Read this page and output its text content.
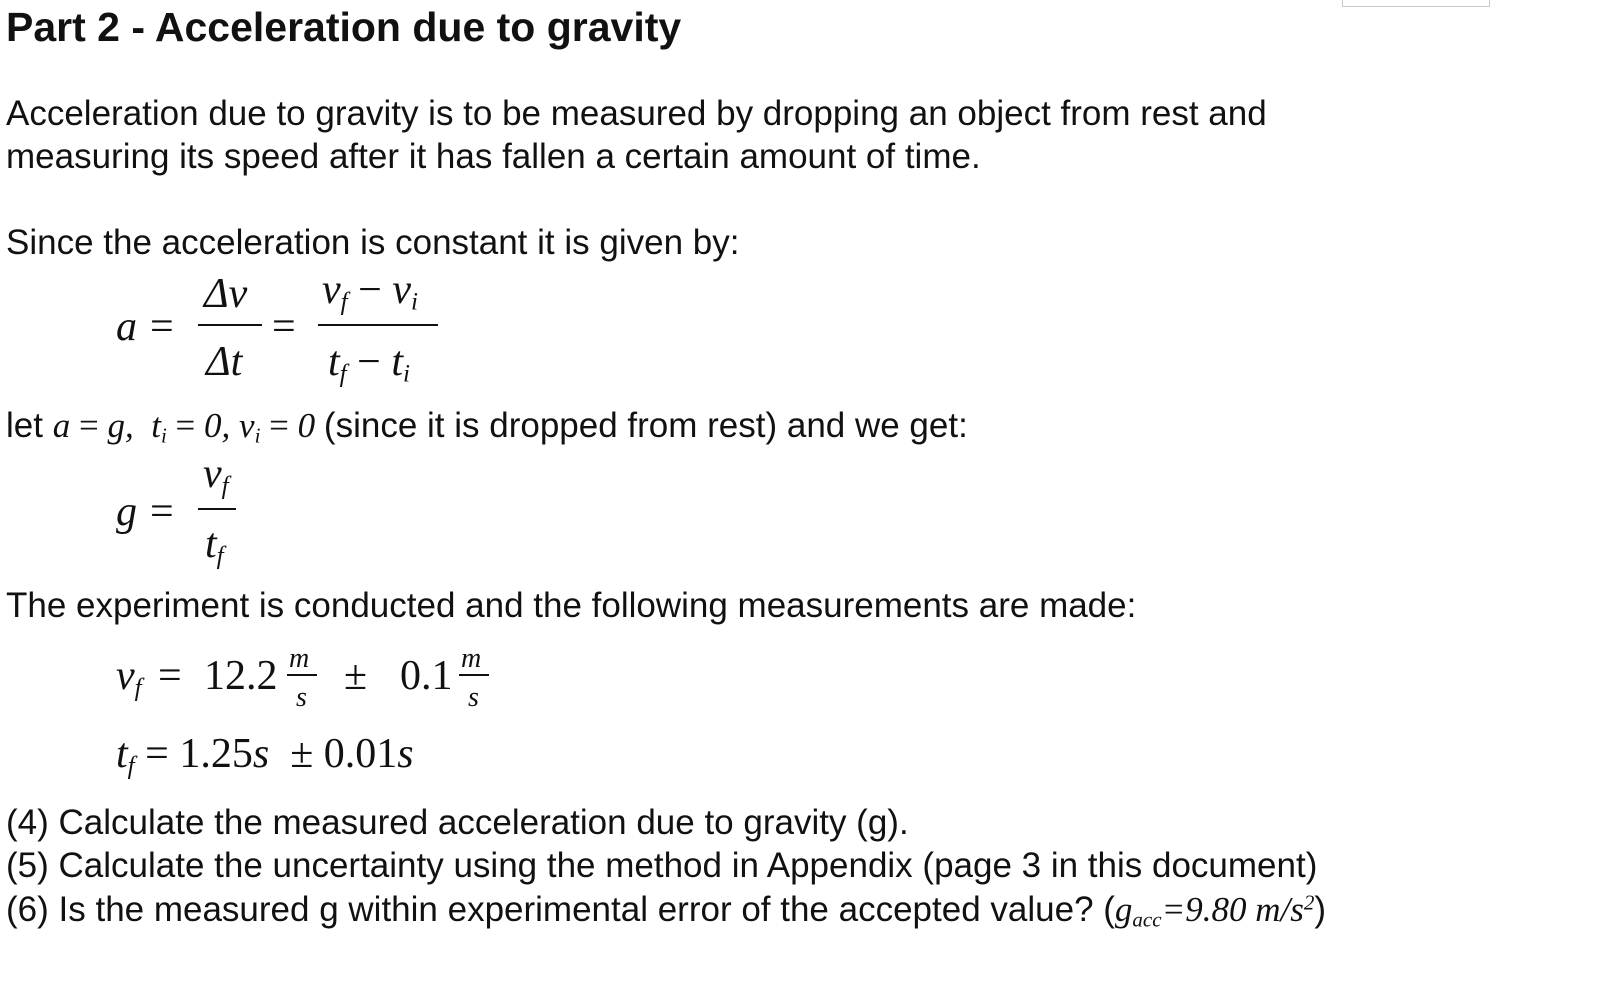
Part 2 - Acceleration due to gravity
Acceleration due to gravity is to be measured by dropping an object from rest and
measuring its speed after it has fallen a certain amount of time.
Since the acceleration is constant it is given by:
a =
Δv
Δt
=
$v_f - v_i$
$t_f - t_i$
let a = g, $t_i = 0$, $v_i = 0$ (since it is dropped from rest) and we get:
g =
$v_f$
$t_f$
The experiment is conducted and the following measurements are made:
$v_f = 12.2$ m
s ± 0.1 m
s
$t_f = 1.25s \pm 0.01s$
(4) Calculate the measured acceleration due to gravity (g).
(5) Calculate the uncertainty using the method in Appendix (page 3 in this document)
(6) Is the measured g within experimental error of the accepted value? ($g_{acc}=9.80$ $m/s^2$)
